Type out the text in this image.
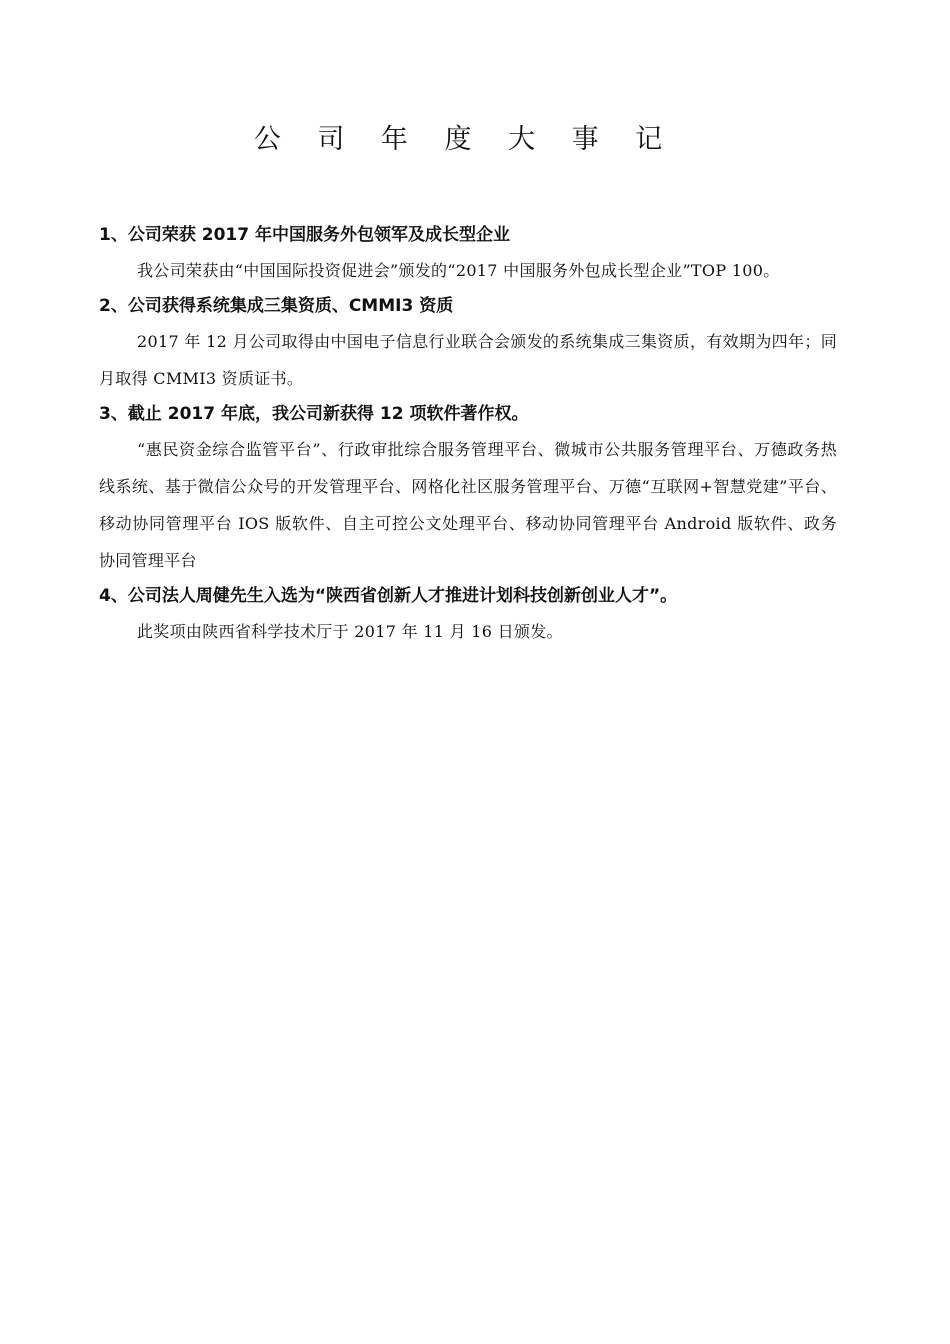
公 司 年 度 大 事 记

1、公司荣获 2017 年中国服务外包领军及成长型企业

我公司荣获由“中国国际投资促进会”颁发的“2017 中国服务外包成长型企业”TOP 100。

2、公司获得系统集成三集资质、CMMI3 资质

2017 年 12 月公司取得由中国电子信息行业联合会颁发的系统集成三集资质，有效期为四年；同月取得 CMMI3 资质证书。

3、截止 2017 年底，我公司新获得 12 项软件著作权。

“惠民资金综合监管平台”、行政审批综合服务管理平台、微城市公共服务管理平台、万德政务热线系统、基于微信公众号的开发管理平台、网格化社区服务管理平台、万德“互联网+智慧党建”平台、移动协同管理平台 IOS 版软件、自主可控公文处理平台、移动协同管理平台 Android 版软件、政务协同管理平台

4、公司法人周健先生入选为“陕西省创新人才推进计划科技创新创业人才”。

此奖项由陕西省科学技术厅于 2017 年 11 月 16 日颁发。
